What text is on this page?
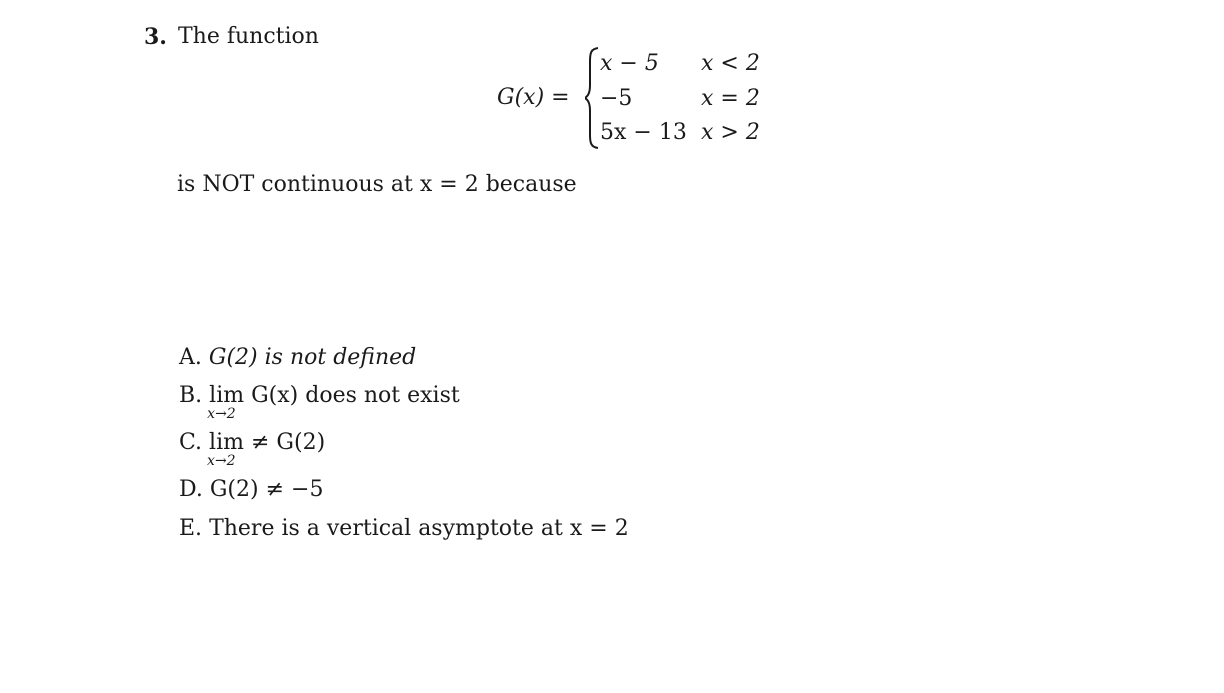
3. The function
G(x) =
x − 5
−5
5x − 13
x < 2
x = 2
x > 2
is NOT continuous at x = 2 because
A. G(2) is not defined
B. lim
x→2
G(x) does not exist
C. lim
x→2
≠ G(2)
D. G(2) ≠ −5
E. There is a vertical asymptote at x = 2
